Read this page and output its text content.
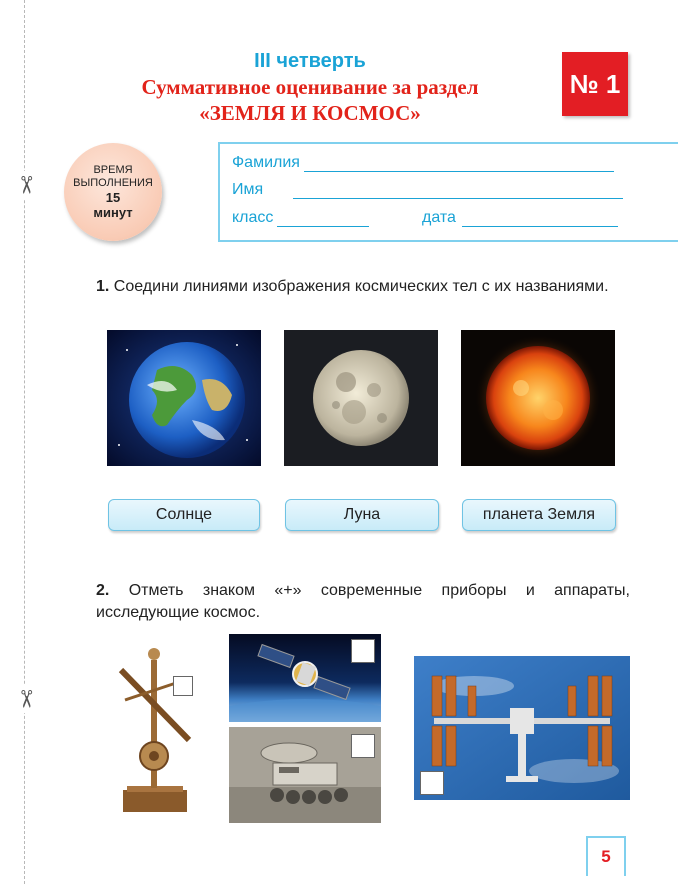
✂
✂
III четверть
Суммативное оценивание за раздел
«ЗЕМЛЯ И КОСМОС»
№ 1
ВРЕМЯ
ВЫПОЛНЕНИЯ
15
минут
Фамилия
Имя
класс	дата
1. Соедини линиями изображения космических тел с их названиями.
Солнце	Луна	планета Земля
2. Отметь знаком «+» современные приборы и аппараты, исследующие космос.
5
